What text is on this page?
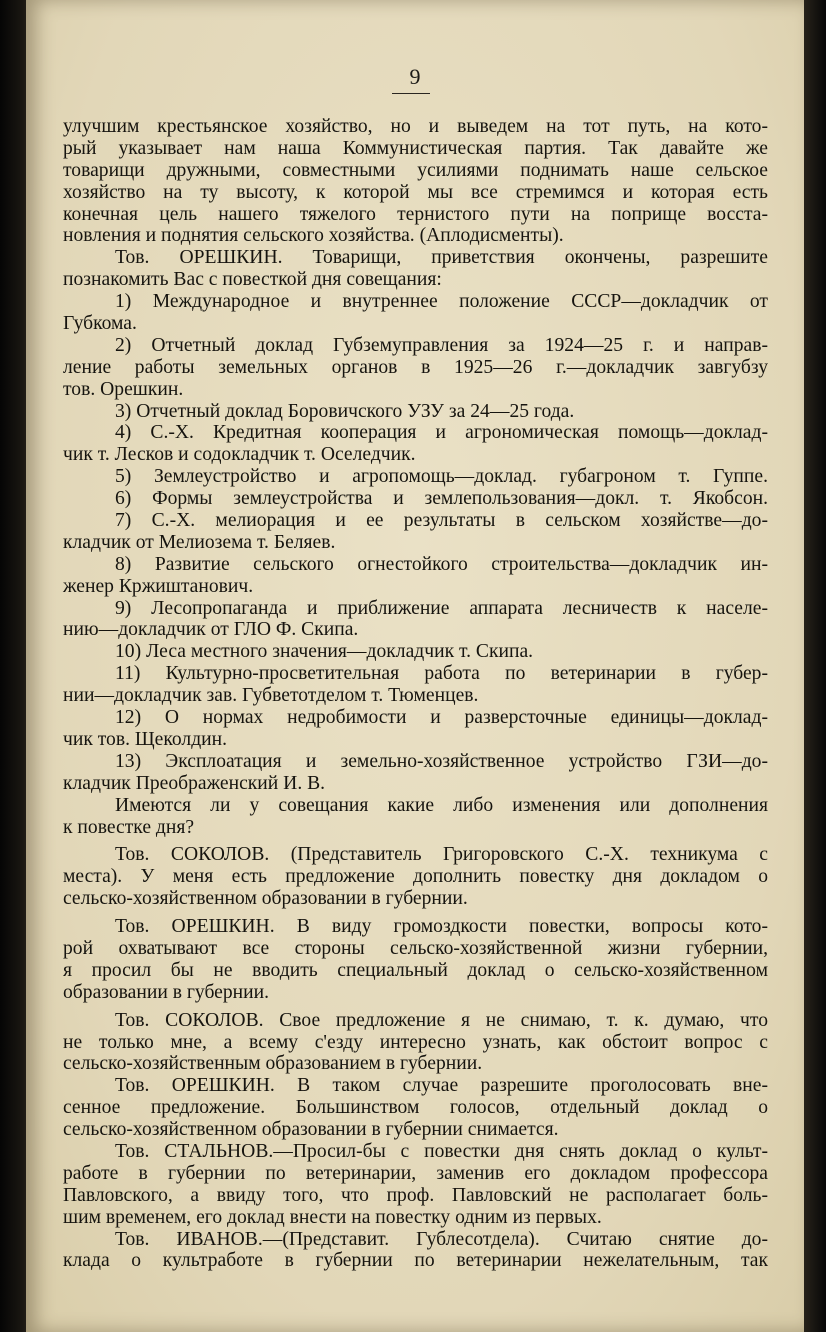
9
улучшим крестьянское хозяйство, но и выведем на тот путь, на кото-
рый указывает нам наша Коммунистическая партия. Так давайте же
товарищи дружными, совместными усилиями поднимать наше сельское
хозяйство на ту высоту, к которой мы все стремимся и которая есть
конечная цель нашего тяжелого тернистого пути на поприще восста-
новления и поднятия сельского хозяйства. (Аплодисменты).
Тов. ОРЕШКИН. Товарищи, приветствия окончены, разрешите
познакомить Вас с повесткой дня совещания:
1) Международное и внутреннее положение СССР—докладчик от
Губкома.
2) Отчетный доклад Губземуправления за 1924—25 г. и направ-
ление работы земельных органов в 1925—26 г.—докладчик завгубзу
тов. Орешкин.
3) Отчетный доклад Боровичского УЗУ за 24—25 года.
4) С.-Х. Кредитная кооперация и агрономическая помощь—доклад-
чик т. Лесков и содокладчик т. Оселедчик.
5) Землеустройство и агропомощь—доклад. губагроном т. Гуппе.
6) Формы землеустройства и землепользования—докл. т. Якобсон.
7) С.-Х. мелиорация и ее результаты в сельском хозяйстве—до-
кладчик от Мелиозема т. Беляев.
8) Развитие сельского огнестойкого строительства—докладчик ин-
женер Кржиштанович.
9) Лесопропаганда и приближение аппарата лесничеств к населе-
нию—докладчик от ГЛО Ф. Скипа.
10) Леса местного значения—докладчик т. Скипа.
11) Культурно-просветительная работа по ветеринарии в губер-
нии—докладчик зав. Губветотделом т. Тюменцев.
12) О нормах недробимости и разверсточные единицы—доклад-
чик тов. Щеколдин.
13) Эксплоатация и земельно-хозяйственное устройство ГЗИ—до-
кладчик Преображенский И. В.
Имеются ли у совещания какие либо изменения или дополнения
к повестке дня?
Тов. СОКОЛОВ. (Представитель Григоровского С.-Х. техникума с
места). У меня есть предложение дополнить повестку дня докладом о
сельско-хозяйственном образовании в губернии.
Тов. ОРЕШКИН. В виду громоздкости повестки, вопросы кото-
рой охватывают все стороны сельско-хозяйственной жизни губернии,
я просил бы не вводить специальный доклад о сельско-хозяйственном
образовании в губернии.
Тов. СОКОЛОВ. Свое предложение я не снимаю, т. к. думаю, что
не только мне, а всему с'езду интересно узнать, как обстоит вопрос с
сельско-хозяйственным образованием в губернии.
Тов. ОРЕШКИН. В таком случае разрешите проголосовать вне-
сенное предложение. Большинством голосов, отдельный доклад о
сельско-хозяйственном образовании в губернии снимается.
Тов. СТАЛЬНОВ.—Просил-бы с повестки дня снять доклад о культ-
работе в губернии по ветеринарии, заменив его докладом профессора
Павловского, а ввиду того, что проф. Павловский не располагает боль-
шим временем, его доклад внести на повестку одним из первых.
Тов. ИВАНОВ.—(Представит. Гублесотдела). Считаю снятие до-
клада о культработе в губернии по ветеринарии нежелательным, так
